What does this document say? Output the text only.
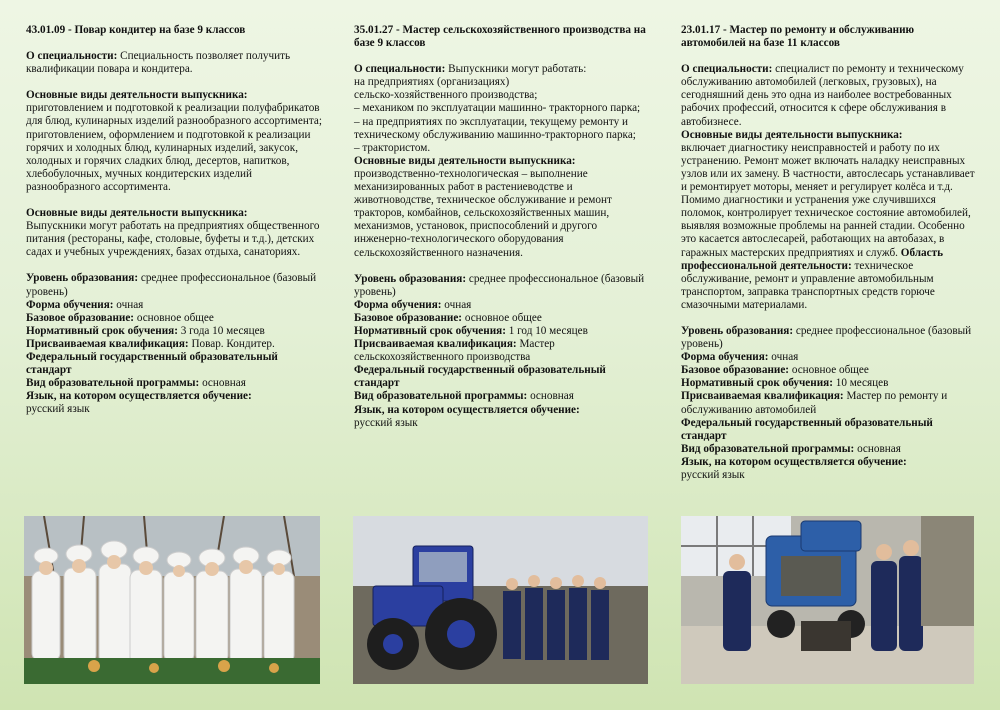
43.01.09 - Повар кондитер на базе 9 классов
О специальности: Специальность позволяет получить квалификации повара и кондитера.
Основные виды деятельности выпускника:
приготовлением и подготовкой к реализации полуфабрикатов для блюд, кулинарных изделий разнообразного ассортимента; приготовлением, оформлением и подготовкой к реализации горячих и холодных блюд, кулинарных изделий, закусок, холодных и горячих сладких блюд, десертов, напитков, хлебобулочных, мучных кондитерских изделий разнообразного ассортимента.
Основные виды деятельности выпускника:
Выпускники могут работать на предприятиях общественного питания (рестораны, кафе, столовые, буфеты и т.д.), детских садах и учебных учреждениях, базах отдыха, санаториях.
Уровень образования: среднее профессиональное (базовый уровень)
Форма обучения: очная
Базовое образование: основное общее
Нормативный срок обучения: 3 года 10 месяцев
Присваиваемая квалификация: Повар. Кондитер.
Федеральный государственный образовательный стандарт
Вид образовательной программы: основная
Язык, на котором осуществляется обучение:
русский язык
35.01.27 - Мастер сельскохозяйственного производства на базе 9 классов
О специальности: Выпускники могут работать:
на предприятиях (организациях)
сельско-хозяйственного производства;
– механиком по эксплуатации машинно- тракторного парка;
– на предприятиях по эксплуатации, текущему ремонту и техническому обслуживанию машинно-тракторного парка;
– трактористом.
Основные виды деятельности выпускника:
производственно-технологическая – выполнение механизированных работ в растениеводстве и животноводстве, техническое обслуживание и ремонт тракторов, комбайнов, сельскохозяйственных машин, механизмов, установок, приспособлений и другого инженерно-технологического оборудования сельскохозяйственного назначения.
Уровень образования: среднее профессиональное (базовый уровень)
Форма обучения: очная
Базовое образование: основное общее
Нормативный срок обучения: 1 год 10 месяцев
Присваиваемая квалификация: Мастер сельскохозяйственного производства
Федеральный государственный образовательный стандарт
Вид образовательной программы: основная
Язык, на котором осуществляется обучение:
русский язык
23.01.17 - Мастер по ремонту и обслуживанию автомобилей на базе 11 классов
О специальности: специалист по ремонту и техническому обслуживанию автомобилей (легковых, грузовых), на сегодняшний день это одна из наиболее востребованных рабочих профессий, относится к сфере обслуживания в автобизнесе.
Основные виды деятельности выпускника:
включает диагностику неисправностей и работу по их устранению. Ремонт может включать наладку неисправных узлов или их замену. В частности, автослесарь устанавливает и ремонтирует моторы, меняет и регулирует колёса и т.д. Помимо диагностики и устранения уже случившихся поломок, контролирует техническое состояние автомобилей, выявляя возможные проблемы на ранней стадии. Особенно это касается автослесарей, работающих на автобазах, в гаражных мастерских предприятиях и служб. Область профессиональной деятельности: техническое обслуживание, ремонт и управление автомобильным транспортом, заправка транспортных средств горюче смазочными материалами.
Уровень образования: среднее профессиональное (базовый уровень)
Форма обучения: очная
Базовое образование: основное общее
Нормативный срок обучения: 10 месяцев
Присваиваемая квалификация: Мастер по ремонту и обслуживанию автомобилей
Федеральный государственный образовательный стандарт
Вид образовательной программы: основная
Язык, на котором осуществляется обучение:
русский язык
